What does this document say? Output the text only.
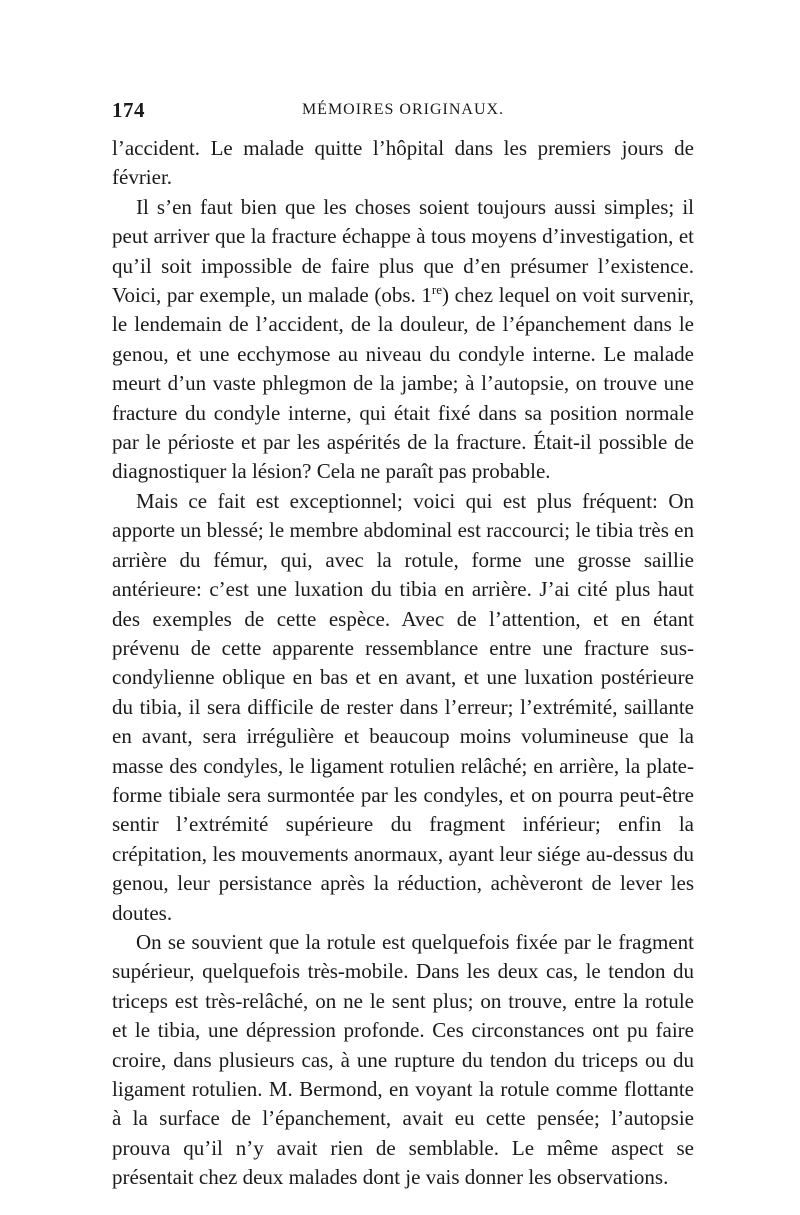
174	MÉMOIRES ORIGINAUX.

l’accident. Le malade quitte l’hôpital dans les premiers jours de février.

Il s’en faut bien que les choses soient toujours aussi simples; il peut arriver que la fracture échappe à tous moyens d’investigation, et qu’il soit impossible de faire plus que d’en présumer l’existence. Voici, par exemple, un malade (obs. 1re) chez lequel on voit survenir, le lendemain de l’accident, de la douleur, de l’épanchement dans le genou, et une ecchymose au niveau du condyle interne. Le malade meurt d’un vaste phlegmon de la jambe; à l’autopsie, on trouve une fracture du condyle interne, qui était fixé dans sa position normale par le périoste et par les aspérités de la fracture. Était-il possible de diagnostiquer la lésion? Cela ne paraît pas probable.

Mais ce fait est exceptionnel; voici qui est plus fréquent: On apporte un blessé; le membre abdominal est raccourci; le tibia très en arrière du fémur, qui, avec la rotule, forme une grosse saillie antérieure: c’est une luxation du tibia en arrière. J’ai cité plus haut des exemples de cette espèce. Avec de l’attention, et en étant prévenu de cette apparente ressemblance entre une fracture sus-condylienne oblique en bas et en avant, et une luxation postérieure du tibia, il sera difficile de rester dans l’erreur; l’extrémité, saillante en avant, sera irrégulière et beaucoup moins volumineuse que la masse des condyles, le ligament rotulien relâché; en arrière, la plate-forme tibiale sera surmontée par les condyles, et on pourra peut-être sentir l’extrémité supérieure du fragment inférieur; enfin la crépitation, les mouvements anormaux, ayant leur siége au-dessus du genou, leur persistance après la réduction, achèveront de lever les doutes.

On se souvient que la rotule est quelquefois fixée par le fragment supérieur, quelquefois très-mobile. Dans les deux cas, le tendon du triceps est très-relâché, on ne le sent plus; on trouve, entre la rotule et le tibia, une dépression profonde. Ces circonstances ont pu faire croire, dans plusieurs cas, à une rupture du tendon du triceps ou du ligament rotulien. M. Bermond, en voyant la rotule comme flottante à la surface de l’épanchement, avait eu cette pensée; l’autopsie prouva qu’il n’y avait rien de semblable. Le même aspect se présentait chez deux malades dont je vais donner les observations.
